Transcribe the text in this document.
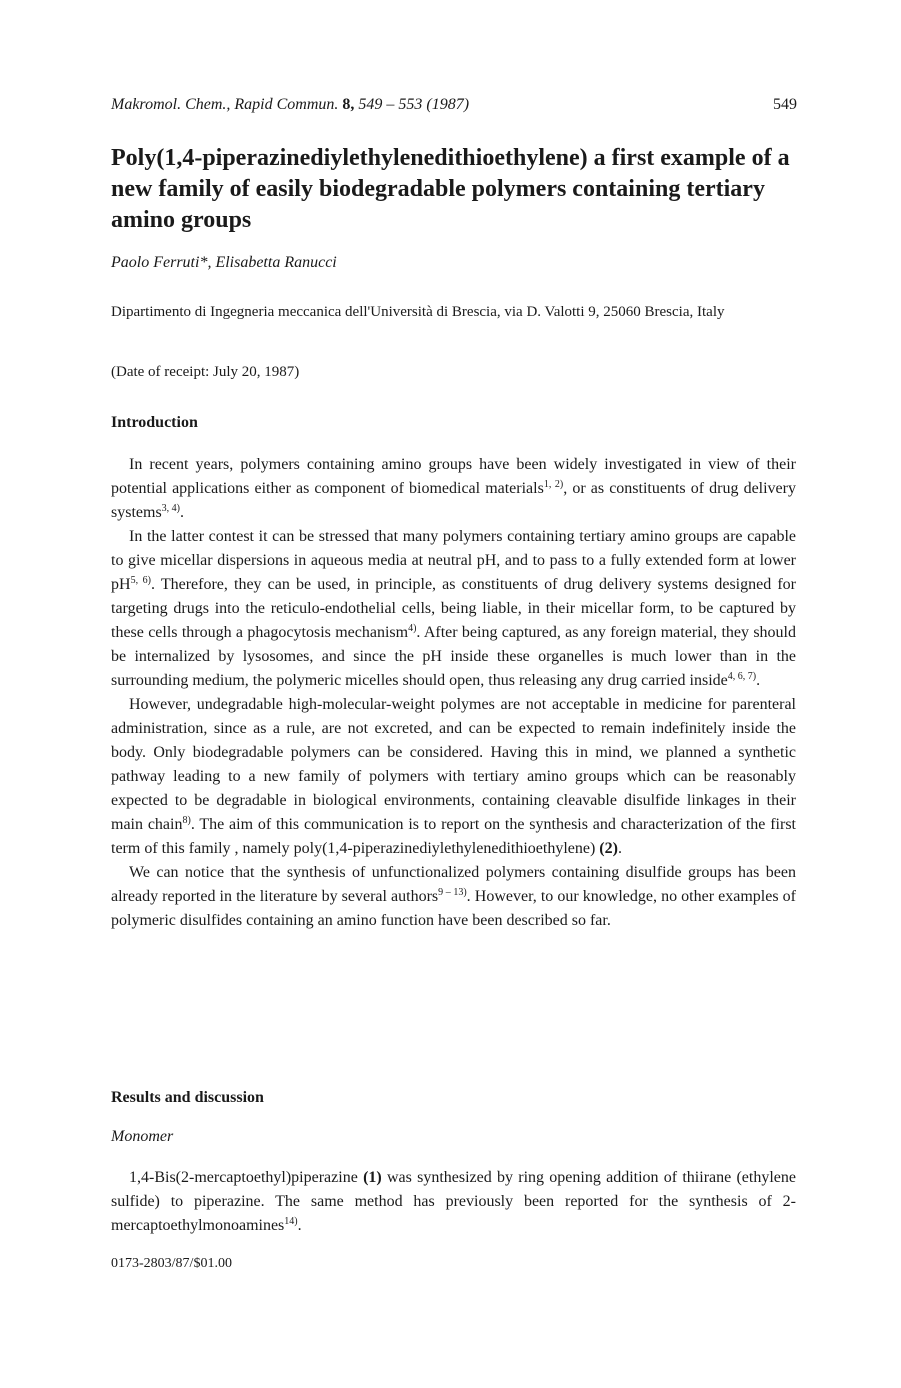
Makromol. Chem., Rapid Commun. 8, 549 – 553 (1987)	549
Poly(1,4-piperazinediylethylenedithioethylene) a first example of a new family of easily biodegradable polymers containing tertiary amino groups
Paolo Ferruti*, Elisabetta Ranucci
Dipartimento di Ingegneria meccanica dell'Università di Brescia, via D. Valotti 9, 25060 Brescia, Italy
(Date of receipt: July 20, 1987)
Introduction

In recent years, polymers containing amino groups have been widely investigated in view of their potential applications either as component of biomedical materials$^{1, 2)}$, or as constituents of drug delivery systems$^{3, 4)}$.

In the latter contest it can be stressed that many polymers containing tertiary amino groups are capable to give micellar dispersions in aqueous media at neutral pH, and to pass to a fully extended form at lower pH$^{5, 6)}$. Therefore, they can be used, in principle, as constituents of drug delivery systems designed for targeting drugs into the reticulo-endothelial cells, being liable, in their micellar form, to be captured by these cells through a phagocytosis mechanism$^{4)}$. After being captured, as any foreign material, they should be internalized by lysosomes, and since the pH inside these organelles is much lower than in the surrounding medium, the polymeric micelles should open, thus releasing any drug carried inside$^{4, 6, 7)}$.

However, undegradable high-molecular-weight polymes are not acceptable in medicine for parenteral administration, since as a rule, are not excreted, and can be expected to remain indefinitely inside the body. Only biodegradable polymers can be considered. Having this in mind, we planned a synthetic pathway leading to a new family of polymers with tertiary amino groups which can be reasonably expected to be degradable in biological environments, containing cleavable disulfide linkages in their main chain$^{8)}$. The aim of this communication is to report on the synthesis and characterization of the first term of this family , namely poly(1,4-piperazinediylethylenedithioethylene) (2).

We can notice that the synthesis of unfunctionalized polymers containing disulfide groups has been already reported in the literature by several authors$^{9 - 13)}$. However, to our knowledge, no other examples of polymeric disulfides containing an amino function have been described so far.

Results and discussion
Monomer

1,4-Bis(2-mercaptoethyl)piperazine (1) was synthesized by ring opening addition of thiirane (ethylene sulfide) to piperazine. The same method has previously been reported for the synthesis of 2-mercaptoethylmonoamines$^{14)}$.

0173-2803/87/$01.00
